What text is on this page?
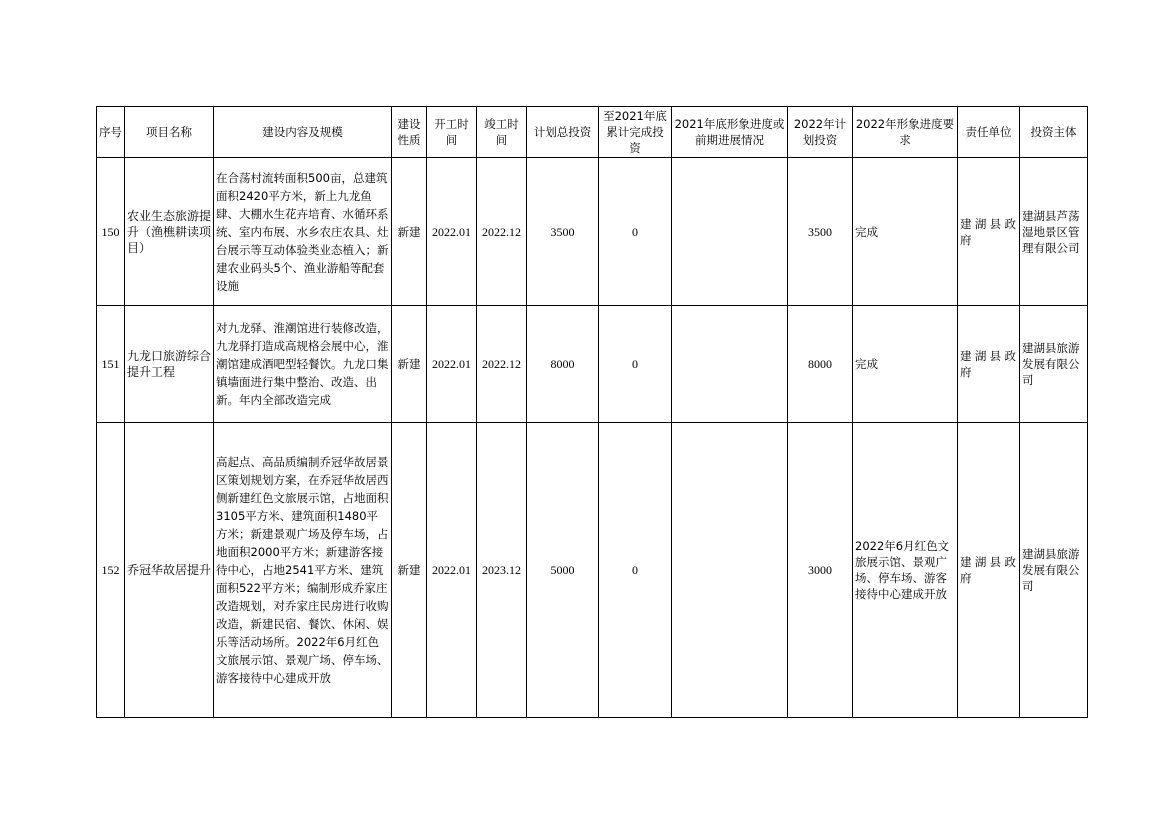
序号	项目名称	建设内容及规模	建设性质	开工时间	竣工时间	计划总投资	至2021年底累计完成投资	2021年底形象进度或前期进展情况	2022年计划投资	2022年形象进度要求	责任单位	投资主体
150	农业生态旅游提升（渔樵耕读项目）	在合荡村流转面积500亩，总建筑面积2420平方米，新上九龙鱼肆、大棚水生花卉培育、水循环系统、室内布展、水乡农庄农具、灶台展示等互动体验类业态植入；新建农业码头5个、渔业游船等配套设施	新建	2022.01	2022.12	3500	0		3500	完成	建湖县政府	建湖县芦荡湿地景区管理有限公司
151	九龙口旅游综合提升工程	对九龙驿、淮潮馆进行装修改造，九龙驿打造成高规格会展中心，淮潮馆建成酒吧型轻餐饮。九龙口集镇墙面进行集中整治、改造、出新。年内全部改造完成	新建	2022.01	2022.12	8000	0		8000	完成	建湖县政府	建湖县旅游发展有限公司
152	乔冠华故居提升	高起点、高品质编制乔冠华故居景区策划规划方案，在乔冠华故居西侧新建红色文旅展示馆，占地面积3105平方米、建筑面积1480平方米；新建景观广场及停车场，占地面积2000平方米；新建游客接待中心，占地2541平方米、建筑面积522平方米；编制形成乔家庄改造规划，对乔家庄民房进行收购改造，新建民宿、餐饮、休闲、娱乐等活动场所。2022年6月红色文旅展示馆、景观广场、停车场、游客接待中心建成开放	新建	2022.01	2023.12	5000	0		3000	2022年6月红色文旅展示馆、景观广场、停车场、游客接待中心建成开放	建湖县政府	建湖县旅游发展有限公司
